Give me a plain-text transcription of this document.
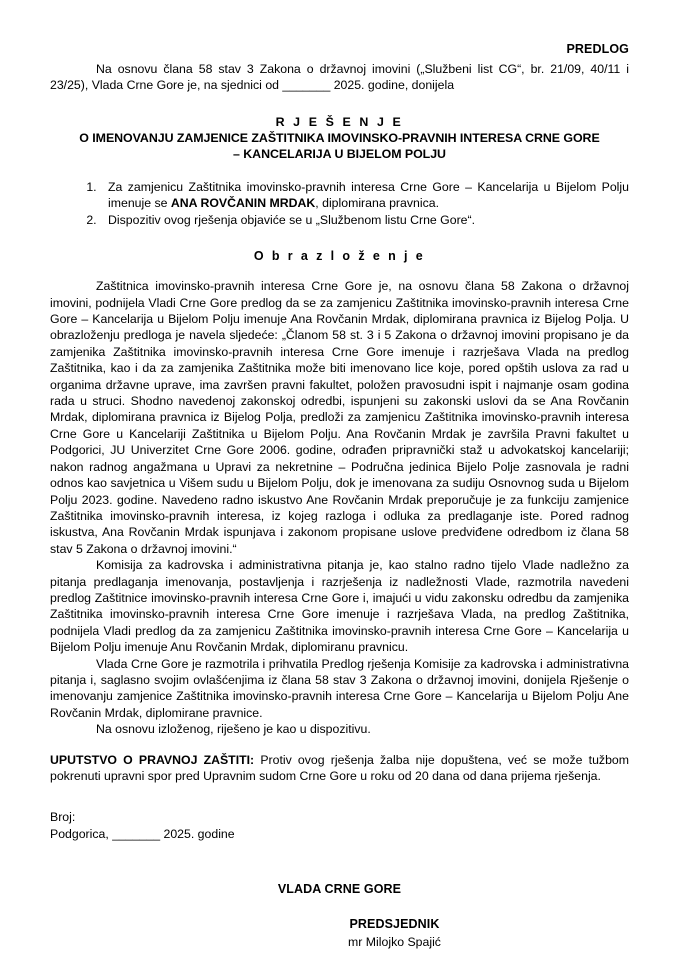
PREDLOG
Na osnovu člana 58 stav 3 Zakona o državnoj imovini („Službeni list CG“, br. 21/09, 40/11 i 23/25), Vlada Crne Gore je, na sjednici od _______ 2025. godine, donijela
R J E Š E N J E
O IMENOVANJU ZAMJENICE ZAŠTITNIKA IMOVINSKO-PRAVNIH INTERESA CRNE GORE
– KANCELARIJA U BIJELOM POLJU
1. Za zamjenicu Zaštitnika imovinsko-pravnih interesa Crne Gore – Kancelarija u Bijelom Polju imenuje se ANA ROVČANIN MRDAK, diplomirana pravnica.
2. Dispozitiv ovog rješenja objaviće se u „Službenom listu Crne Gore“.
O b r a z l o ž e n j e

Zaštitnica imovinsko-pravnih interesa Crne Gore je, na osnovu člana 58 Zakona o državnoj imovini, podnijela Vladi Crne Gore predlog da se za zamjenicu Zaštitnika imovinsko-pravnih interesa Crne Gore – Kancelarija u Bijelom Polju imenuje Ana Rovčanin Mrdak, diplomirana pravnica iz Bijelog Polja. U obrazloženju predloga je navela sljedeće: „Članom 58 st. 3 i 5 Zakona o državnoj imovini propisano je da zamjenika Zaštitnika imovinsko-pravnih interesa Crne Gore imenuje i razrješava Vlada na predlog Zaštitnika, kao i da za zamjenika Zaštitnika može biti imenovano lice koje, pored opštih uslova za rad u organima državne uprave, ima završen pravni fakultet, položen pravosudni ispit i najmanje osam godina rada u struci. Shodno navedenoj zakonskoj odredbi, ispunjeni su zakonski uslovi da se Ana Rovčanin Mrdak, diplomirana pravnica iz Bijelog Polja, predloži za zamjenicu Zaštitnika imovinsko-pravnih interesa Crne Gore u Kancelariji Zaštitnika u Bijelom Polju. Ana Rovčanin Mrdak je završila Pravni fakultet u Podgorici, JU Univerzitet Crne Gore 2006. godine, odrađen pripravnički staž u advokatskoj kancelariji; nakon radnog angažmana u Upravi za nekretnine – Područna jedinica Bijelo Polje zasnovala je radni odnos kao savjetnica u Višem sudu u Bijelom Polju, dok je imenovana za sudiju Osnovnog suda u Bijelom Polju 2023. godine. Navedeno radno iskustvo Ane Rovčanin Mrdak preporučuje je za funkciju zamjenice Zaštitnika imovinsko-pravnih interesa, iz kojeg razloga i odluka za predlaganje iste. Pored radnog iskustva, Ana Rovčanin Mrdak ispunjava i zakonom propisane uslove predviđene odredbom iz člana 58 stav 5 Zakona o državnoj imovini.“

Komisija za kadrovska i administrativna pitanja je, kao stalno radno tijelo Vlade nadležno za pitanja predlaganja imenovanja, postavljenja i razrješenja iz nadležnosti Vlade, razmotrila navedeni predlog Zaštitnice imovinsko-pravnih interesa Crne Gore i, imajući u vidu zakonsku odredbu da zamjenika Zaštitnika imovinsko-pravnih interesa Crne Gore imenuje i razrješava Vlada, na predlog Zaštitnika, podnijela Vladi predlog da za zamjenicu Zaštitnika imovinsko-pravnih interesa Crne Gore – Kancelarija u Bijelom Polju imenuje Anu Rovčanin Mrdak, diplomiranu pravnicu.

Vlada Crne Gore je razmotrila i prihvatila Predlog rješenja Komisije za kadrovska i administrativna pitanja i, saglasno svojim ovlašćenjima iz člana 58 stav 3 Zakona o državnoj imovini, donijela Rješenje o imenovanju zamjenice Zaštitnika imovinsko-pravnih interesa Crne Gore – Kancelarija u Bijelom Polju Ane Rovčanin Mrdak, diplomirane pravnice.

Na osnovu izloženog, riješeno je kao u dispozitivu.

UPUTSTVO O PRAVNOJ ZAŠTITI: Protiv ovog rješenja žalba nije dopuštena, već se može tužbom pokrenuti upravni spor pred Upravnim sudom Crne Gore u roku od 20 dana od dana prijema rješenja.

Broj:
Podgorica, _______ 2025. godine
VLADA CRNE GORE
PREDSJEDNIK
mr Milojko Spajić
